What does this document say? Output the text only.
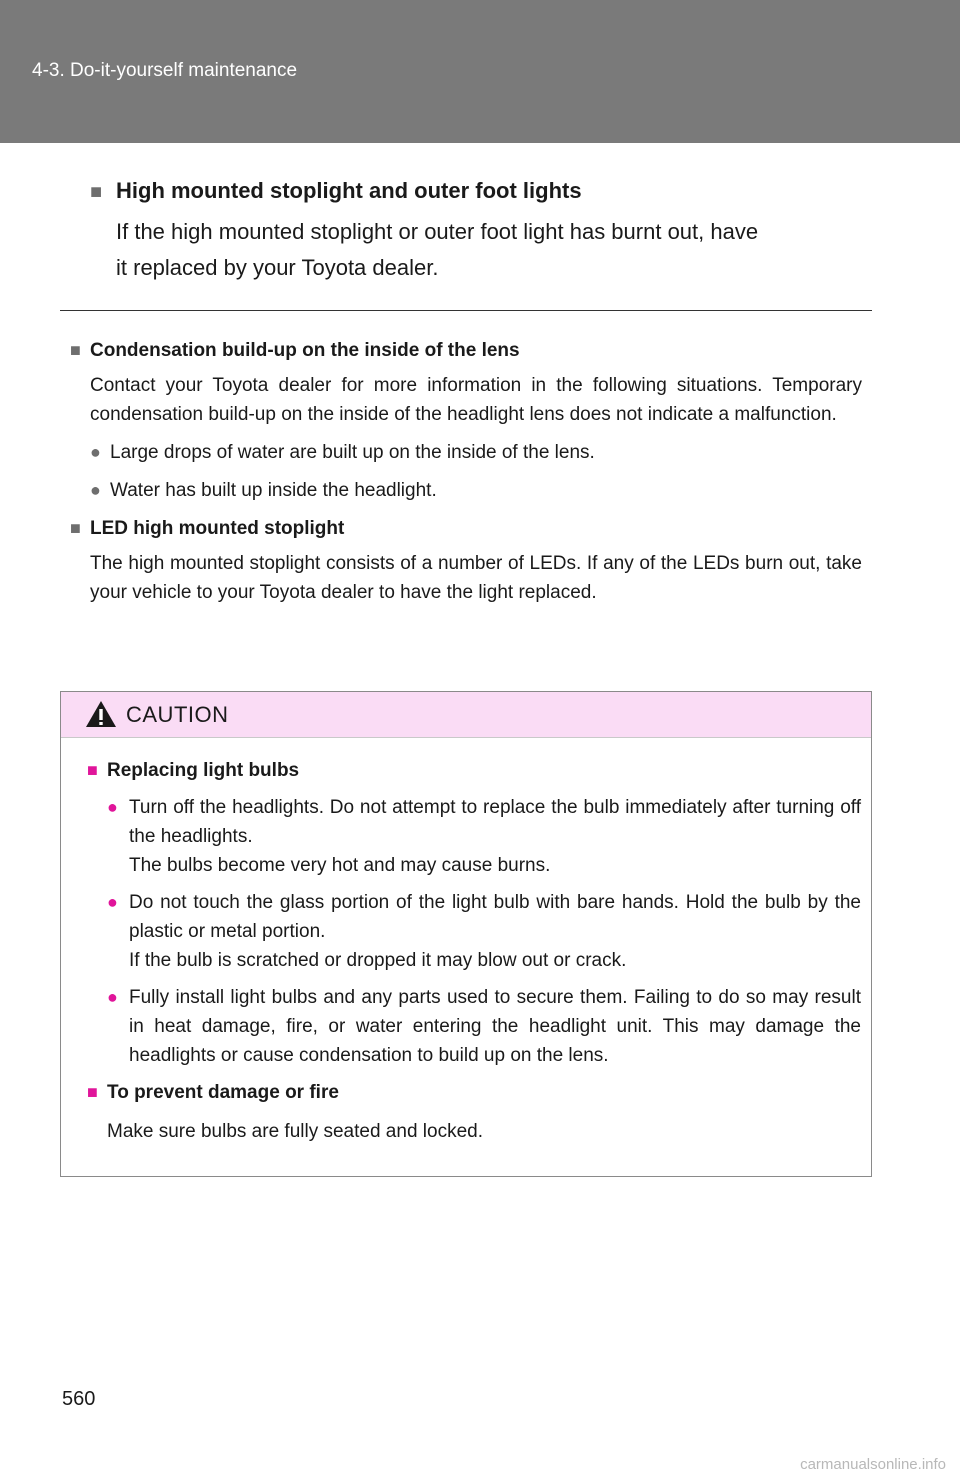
4-3. Do-it-yourself maintenance
■ High mounted stoplight and outer foot lights
If the high mounted stoplight or outer foot light has burnt out, have
it replaced by your Toyota dealer.
■ Condensation build-up on the inside of the lens
Contact your Toyota dealer for more information in the following situations. Temporary condensation build-up on the inside of the headlight lens does not indicate a malfunction.
● Large drops of water are built up on the inside of the lens.
● Water has built up inside the headlight.
■ LED high mounted stoplight
The high mounted stoplight consists of a number of LEDs. If any of the LEDs burn out, take your vehicle to your Toyota dealer to have the light replaced.
CAUTION
■ Replacing light bulbs
● Turn off the headlights. Do not attempt to replace the bulb immediately after turning off the headlights.

The bulbs become very hot and may cause burns.

● Do not touch the glass portion of the light bulb with bare hands. Hold the bulb by the plastic or metal portion.

If the bulb is scratched or dropped it may blow out or crack.

● Fully install light bulbs and any parts used to secure them. Failing to do so may result in heat damage, fire, or water entering the headlight unit. This may damage the headlights or cause condensation to build up on the lens.

■ To prevent damage or fire
Make sure bulbs are fully seated and locked.
560
carmanualsonline.info
